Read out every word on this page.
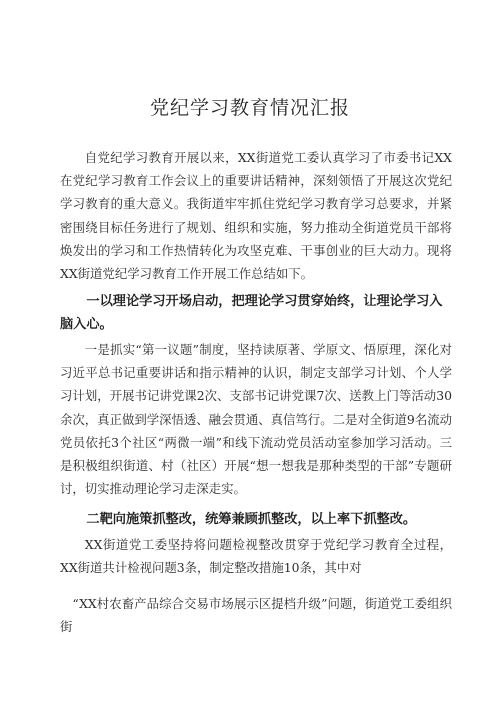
党纪学习教育情况汇报

自党纪学习教育开展以来，XX街道党工委认真学习了市委书记XX在党纪学习教育工作会议上的重要讲话精神，深刻领悟了开展这次党纪学习教育的重大意义。我街道牢牢抓住党纪学习教育学习总要求，并紧密围绕目标任务进行了规划、组织和实施，努力推动全街道党员干部将焕发出的学习和工作热情转化为攻坚克难、干事创业的巨大动力。现将XX街道党纪学习教育工作开展工作总结如下。

一以理论学习开场启动，把理论学习贯穿始终，让理论学习入脑入心。

一是抓实“第一议题”制度，坚持读原著、学原文、悟原理，深化对习近平总书记重要讲话和指示精神的认识，制定支部学习计划、个人学习计划，开展书记讲党课2次、支部书记讲党课7次、送教上门等活动30余次，真正做到学深悟透、融会贯通、真信笃行。二是对全街道9名流动党员依托3个社区“两微一端”和线下流动党员活动室参加学习活动。三是积极组织街道、村（社区）开展“想一想我是那种类型的干部”专题研讨，切实推动理论学习走深走实。

二靶向施策抓整改，统筹兼顾抓整改，以上率下抓整改。

XX街道党工委坚持将问题检视整改贯穿于党纪学习教育全过程，XX街道共计检视问题3条，制定整改措施10条，其中对

“XX村农畜产品综合交易市场展示区提档升级”问题，街道党工委组织街
